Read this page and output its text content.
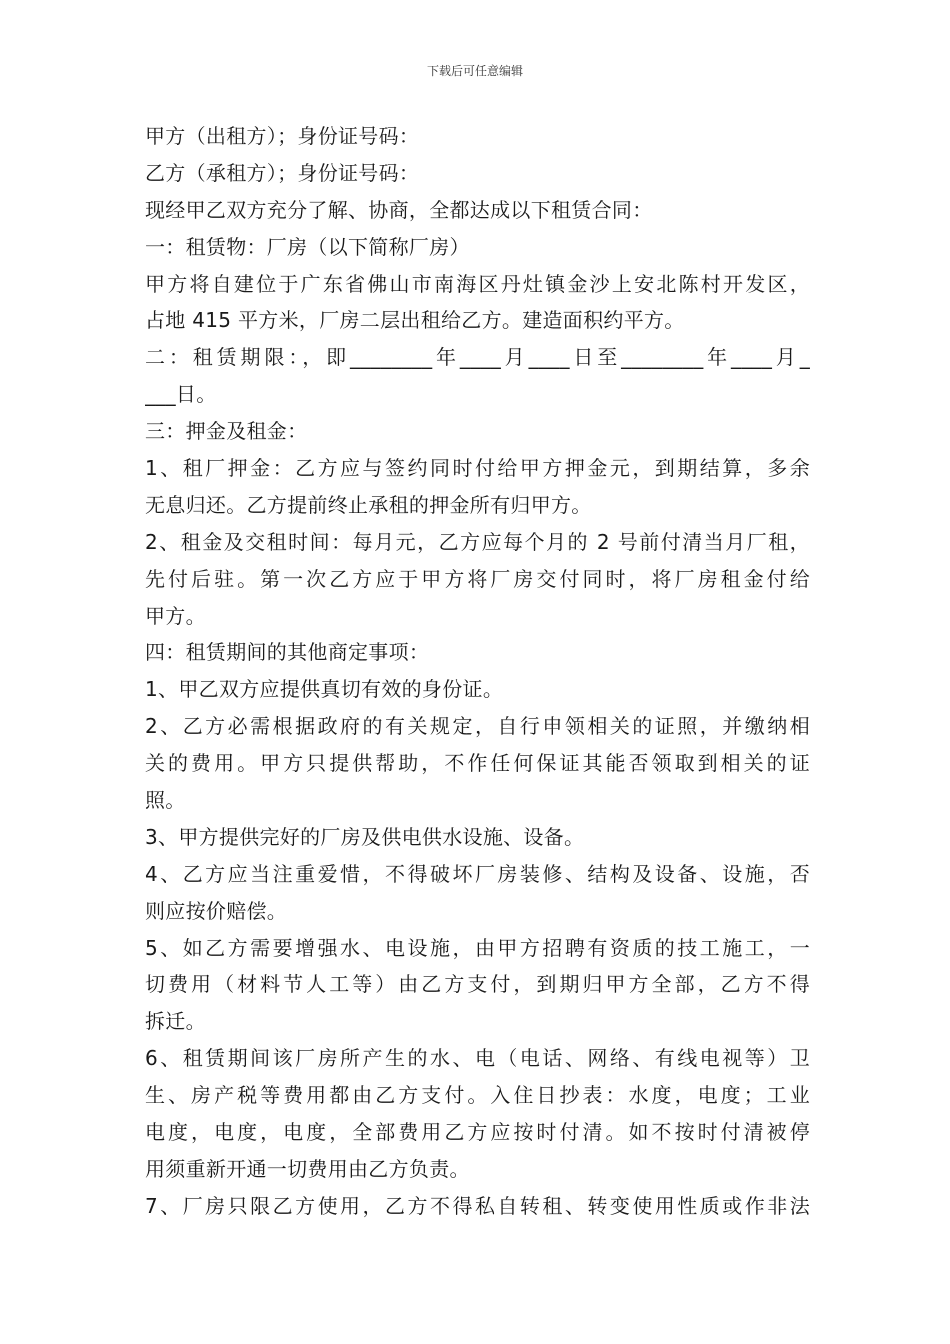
下载后可任意编辑
甲方（出租方）；身份证号码：
乙方（承租方）；身份证号码：
现经甲乙双方充分了解、协商，全都达成以下租赁合同：
一：租赁物：厂房（以下简称厂房）
甲方将自建位于广东省佛山市南海区丹灶镇金沙上安北陈村开发区，
占地 415 平方米，厂房二层出租给乙方。建造面积约平方。
二：租赁期限：，即________年____月____日至________年____月_
___日。
三：押金及租金：
1、租厂押金：乙方应与签约同时付给甲方押金元，到期结算，多余
无息归还。乙方提前终止承租的押金所有归甲方。
2、租金及交租时间：每月元，乙方应每个月的 2 号前付清当月厂租，
先付后驻。第一次乙方应于甲方将厂房交付同时，将厂房租金付给
甲方。
四：租赁期间的其他商定事项：
1、甲乙双方应提供真切有效的身份证。
2、乙方必需根据政府的有关规定，自行申领相关的证照，并缴纳相
关的费用。甲方只提供帮助，不作任何保证其能否领取到相关的证
照。
3、甲方提供完好的厂房及供电供水设施、设备。
4、乙方应当注重爱惜，不得破坏厂房装修、结构及设备、设施，否
则应按价赔偿。
5、如乙方需要增强水、电设施，由甲方招聘有资质的技工施工，一
切费用（材料节人工等）由乙方支付，到期归甲方全部，乙方不得
拆迁。
6、租赁期间该厂房所产生的水、电（电话、网络、有线电视等）卫
生、房产税等费用都由乙方支付。入住日抄表：水度，电度；工业
电度，电度，电度，全部费用乙方应按时付清。如不按时付清被停
用须重新开通一切费用由乙方负责。
7、厂房只限乙方使用，乙方不得私自转租、转变使用性质或作非法
